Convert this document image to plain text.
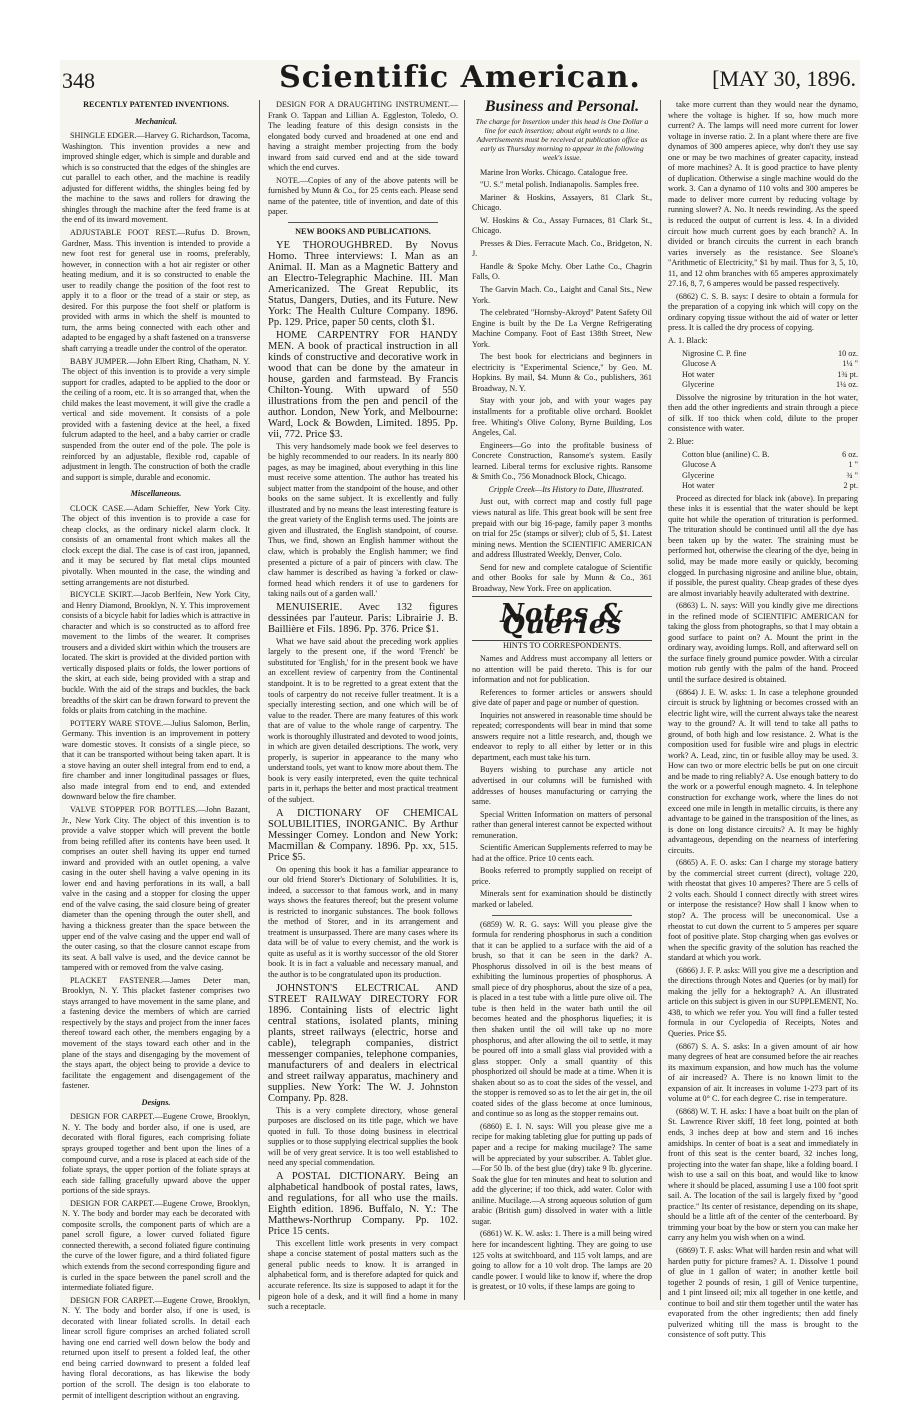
348	Scientific American.	[MAY 30, 1896.

RECENTLY PATENTED INVENTIONS.

Mechanical.

SHINGLE EDGER.—Harvey G. Richardson, Tacoma, Washington. This invention provides a new and improved shingle edger, which is simple and durable and which is so constructed that the edges of the shingles are cut parallel to each other, and the machine is readily adjusted for different widths, the shingles being fed by the machine to the saws and rollers for drawing the shingles through the machine after the feed frame is at the end of its inward movement.

ADJUSTABLE FOOT REST.—Rufus D. Brown, Gardner, Mass. This invention is intended to provide a new foot rest for general use in rooms, preferably, however, in connection with a hot air register or other heating medium, and it is so constructed to enable the user to readily change the position of the foot rest to apply it to a floor or the tread of a stair or step, as desired. For this purpose the foot shelf or platform is provided with arms in which the shelf is mounted to turn, the arms being connected with each other and adapted to be engaged by a shaft fastened on a transverse shaft carrying a treadle under the control of the operator.

BABY JUMPER.—John Elbert Ring, Chatham, N. Y. The object of this invention is to provide a very simple support for cradles, adapted to be applied to the door or the ceiling of a room, etc. It is so arranged that, when the child makes the least movement, it will give the cradle a vertical and side movement. It consists of a pole provided with a fastening device at the heel, a fixed fulcrum adapted to the heel, and a baby carrier or cradle suspended from the outer end of the pole. The pole is reinforced by an adjustable, flexible rod, capable of adjustment in length. The construction of both the cradle and support is simple, durable and economic.

Miscellaneous.

CLOCK CASE.—Adam Schieffer, New York City. The object of this invention is to provide a case for cheap clocks, as the ordinary nickel alarm clock. It consists of an ornamental front which makes all the clock except the dial. The case is of cast iron, japanned, and it may be secured by flat metal clips mounted pivotally. When mounted in the case, the winding and setting arrangements are not disturbed.

BICYCLE SKIRT.—Jacob Berlfein, New York City, and Henry Diamond, Brooklyn, N. Y. This improvement consists of a bicycle habit for ladies which is attractive in character and which is so constructed as to afford free movement to the limbs of the wearer. It comprises trousers and a divided skirt within which the trousers are located. The skirt is provided at the divided portion with vertically disposed plaits or folds, the lower portions of the skirt, at each side, being provided with a strap and buckle. With the aid of the straps and buckles, the back breadths of the skirt can be drawn forward to prevent the folds or plaits from catching in the machine.

POTTERY WARE STOVE.—Julius Salomon, Berlin, Germany. This invention is an improvement in pottery ware domestic stoves. It consists of a single piece, so that it can be transported without being taken apart. It is a stove having an outer shell integral from end to end, a fire chamber and inner longitudinal passages or flues, also made integral from end to end, and extended downward below the fire chamber.

VALVE STOPPER FOR BOTTLES.—John Bazant, Jr., New York City. The object of this invention is to provide a valve stopper which will prevent the bottle from being refilled after its contents have been used. It comprises an outer shell having its upper end turned inward and provided with an outlet opening, a valve casing in the outer shell having a valve opening in its lower end and having perforations in its wall, a ball valve in the casing and a stopper for closing the upper end of the valve casing, the said closure being of greater diameter than the opening through the outer shell, and having a thickness greater than the space between the upper end of the valve casing and the upper end wall of the outer casing, so that the closure cannot escape from its seat. A ball valve is used, and the device cannot be tampered with or removed from the valve casing.

PLACKET FASTENER.—James Deter man, Brooklyn, N. Y. This placket fastener comprises two stays arranged to have movement in the same plane, and a fastening device the members of which are carried respectively by the stays and project from the inner faces thereof toward each other, the members engaging by a movement of the stays toward each other and in the plane of the stays and disengaging by the movement of the stays apart, the object being to provide a device to facilitate the engagement and disengagement of the fastener.

Designs.

DESIGN FOR CARPET.—Eugene Crowe, Brooklyn, N. Y. The body and border also, if one is used, are decorated with floral figures, each comprising foliate sprays grouped together and bent upon the lines of a compound curve, and a rose is placed at each side of the foliate sprays, the upper portion of the foliate sprays at each side falling gracefully upward above the upper portions of the side sprays.

DESIGN FOR CARPET.—Eugene Crowe, Brooklyn, N. Y. The body and border may each be decorated with composite scrolls, the component parts of which are a panel scroll figure, a lower curved foliated figure connected therewith, a second foliated figure continuing the curve of the lower figure, and a third foliated figure which extends from the second corresponding figure and is curled in the space between the panel scroll and the intermediate foliated figure.

DESIGN FOR CARPET.—Eugene Crowe, Brooklyn, N. Y. The body and border also, if one is used, is decorated with linear foliated scrolls. In detail each linear scroll figure comprises an arched foliated scroll having one end carried well down below the body and returned upon itself to present a folded leaf, the other end being carried downward to present a folded leaf having floral decorations, as has likewise the body portion of the scroll. The design is too elaborate to permit of intelligent description without an engraving.

DESIGN FOR A DRAUGHTING INSTRUMENT.—Frank O. Tappan and Lillian A. Eggleston, Toledo, O. The leading feature of this design consists in the elongated body curved and broadened at one end and having a straight member projecting from the body inward from said curved end and at the side toward which the end curves.

NOTE.—Copies of any of the above patents will be furnished by Munn & Co., for 25 cents each. Please send name of the patentee, title of invention, and date of this paper.

NEW BOOKS AND PUBLICATIONS.

YE THOROUGHBRED. By Novus Homo. Three interviews: I. Man as an Animal. II. Man as a Magnetic Battery and an Electro-Telegraphic Machine. III. Man Americanized. The Great Republic, its Status, Dangers, Duties, and its Future. New York: The Health Culture Company. 1896. Pp. 129. Price, paper 50 cents, cloth $1.

HOME CARPENTRY FOR HANDY MEN. A book of practical instruction in all kinds of constructive and decorative work in wood that can be done by the amateur in house, garden and farmstead. By Francis Chilton-Young. With upward of 550 illustrations from the pen and pencil of the author. London, New York, and Melbourne: Ward, Lock & Bowden, Limited. 1895. Pp. vii, 772. Price $3.

This very handsomely made book we feel deserves to be highly recommended to our readers. In its nearly 800 pages, as may be imagined, about everything in this line must receive some attention. The author has treated his subject matter from the standpoint of the house, and other books on the same subject. It is excellently and fully illustrated and by no means the least interesting feature is the great variety of the English terms used. The joints are given and illustrated, the English standpoint, of course. Thus, we find, shown an English hammer without the claw, which is probably the English hammer; we find presented a picture of a pair of pincers with claw. The claw hammer is described as having 'a forked or claw-formed head which renders it of use to gardeners for taking nails out of a garden wall.'

MENUISERIE. Avec 132 figures dessinées par l'auteur. Paris: Librairie J. B. Baillière et Fils. 1896. Pp. 376. Price $1.

What we have said about the preceding work applies largely to the present one, if the word 'French' be substituted for 'English,' for in the present book we have an excellent review of carpentry from the Continental standpoint. It is to be regretted to a great extent that the tools of carpentry do not receive fuller treatment. It is a specially interesting section, and one which will be of value to the reader. There are many features of this work that are of value to the whole range of carpentry. The work is thoroughly illustrated and devoted to wood joints, in which are given detailed descriptions. The work, very properly, is superior in appearance to the many who understand tools, yet want to know more about them. The book is very easily interpreted, even the quite technical parts in it, perhaps the better and most practical treatment of the subject.

A DICTIONARY OF CHEMICAL SOLUBILITIES, INORGANIC. By Arthur Messinger Comey. London and New York: Macmillan & Company. 1896. Pp. xx, 515. Price $5.

On opening this book it has a familiar appearance to our old friend Storer's Dictionary of Solubilities. It is, indeed, a successor to that famous work, and in many ways shows the features thereof; but the present volume is restricted to inorganic substances. The book follows the method of Storer, and in its arrangement and treatment is unsurpassed. There are many cases where its data will be of value to every chemist, and the work is quite as useful as it is worthy successor of the old Storer book. It is in fact a valuable and necessary manual, and the author is to be congratulated upon its production.

JOHNSTON'S ELECTRICAL AND STREET RAILWAY DIRECTORY FOR 1896. Containing lists of electric light central stations, isolated plants, mining plants, street railways (electric, horse and cable), telegraph companies, district messenger companies, telephone companies, manufacturers of and dealers in electrical and street railway apparatus, machinery and supplies. New York: The W. J. Johnston Company. Pp. 828.

This is a very complete directory, whose general purposes are disclosed on its title page, which we have quoted in full. To those doing business in electrical supplies or to those supplying electrical supplies the book will be of very great service. It is too well established to need any special commendation.

A POSTAL DICTIONARY. Being an alphabetical handbook of postal rates, laws, and regulations, for all who use the mails. Eighth edition. 1896. Buffalo, N. Y.: The Matthews-Northrup Company. Pp. 102. Price 15 cents.

This excellent little work presents in very compact shape a concise statement of postal matters such as the general public needs to know. It is arranged in alphabetical form, and is therefore adapted for quick and accurate reference. Its size is supposed to adapt it for the pigeon hole of a desk, and it will find a home in many such a receptacle.

Business and Personal.
The charge for Insertion under this head is One Dollar a line for each insertion; about eight words to a line. Advertisements must be received at publication office as early as Thursday morning to appear in the following week's issue.

Marine Iron Works. Chicago. Catalogue free.

"U. S." metal polish. Indianapolis. Samples free.

Mariner & Hoskins, Assayers, 81 Clark St., Chicago.

W. Hoskins & Co., Assay Furnaces, 81 Clark St., Chicago.

Presses & Dies. Ferracute Mach. Co., Bridgeton, N. J.

Handle & Spoke Mchy. Ober Lathe Co., Chagrin Falls, O.

The Garvin Mach. Co., Laight and Canal Sts., New York.

The celebrated "Hornsby-Akroyd" Patent Safety Oil Engine is built by the De La Vergne Refrigerating Machine Company. Foot of East 138th Street, New York.

The best book for electricians and beginners in electricity is "Experimental Science," by Geo. M. Hopkins. By mail, $4. Munn & Co., publishers, 361 Broadway, N. Y.

Stay with your job, and with your wages pay installments for a profitable olive orchard. Booklet free. Whiting's Olive Colony, Byrne Building, Los Angeles, Cal.

Engineers—Go into the profitable business of Concrete Construction, Ransome's system. Easily learned. Liberal terms for exclusive rights. Ransome & Smith Co., 756 Monadnock Block, Chicago.

Cripple Creek—Its History to Date, Illustrated.

Just out, with correct map and costly full page views natural as life. This great book will be sent free prepaid with our big 16-page, family paper 3 months on trial for 25c (stamps or silver); club of 5, $1. Latest mining news. Mention the SCIENTIFIC AMERICAN and address Illustrated Weekly, Denver, Colo.

Send for new and complete catalogue of Scientific and other Books for sale by Munn & Co., 361 Broadway, New York. Free on application.

Notes & Queries
HINTS TO CORRESPONDENTS.

Names and Address must accompany all letters or no attention will be paid thereto. This is for our information and not for publication.

References to former articles or answers should give date of paper and page or number of question.

Inquiries not answered in reasonable time should be repeated; correspondents will bear in mind that some answers require not a little research, and, though we endeavor to reply to all either by letter or in this department, each must take his turn.

Buyers wishing to purchase any article not advertised in our columns will be furnished with addresses of houses manufacturing or carrying the same.

Special Written Information on matters of personal rather than general interest cannot be expected without remuneration.

Scientific American Supplements referred to may be had at the office. Price 10 cents each.

Books referred to promptly supplied on receipt of price.

Minerals sent for examination should be distinctly marked or labeled.

(6859) W. R. G. says: Will you please give the formula for rendering phosphorus in such a condition that it can be applied to a surface with the aid of a brush, so that it can be seen in the dark? A. Phosphorus dissolved in oil is the best means of exhibiting the luminous properties of phosphorus. A small piece of dry phosphorus, about the size of a pea, is placed in a test tube with a little pure olive oil. The tube is then held in the water bath until the oil becomes heated and the phosphorus liquefies; it is then shaken until the oil will take up no more phosphorus, and after allowing the oil to settle, it may be poured off into a small glass vial provided with a glass stopper. Only a small quantity of this phosphorized oil should be made at a time. When it is shaken about so as to coat the sides of the vessel, and the stopper is removed so as to let the air get in, the oil coated sides of the glass become at once luminous, and continue so as long as the stopper remains out.

(6860) E. I. N. says: Will you please give me a recipe for making tableting glue for putting up pads of paper and a recipe for making mucilage? The same will be appreciated by your subscriber. A. Tablet glue.—For 50 lb. of the best glue (dry) take 9 lb. glycerine. Soak the glue for ten minutes and heat to solution and add the glycerine; if too thick, add water. Color with aniline. Mucilage.—A strong aqueous solution of gum arabic (British gum) dissolved in water with a little sugar.

(6861) W. K. W. asks: 1. There is a mill being wired here for incandescent lighting. They are going to use 125 volts at switchboard, and 115 volt lamps, and are going to allow for a 10 volt drop. The lamps are 20 candle power. I would like to know if, where the drop is greatest, or 10 volts, if these lamps are going to

take more current than they would near the dynamo, where the voltage is higher. If so, how much more current? A. The lamps will need more current for lower voltage in inverse ratio. 2. In a plant where there are five dynamos of 300 amperes apiece, why don't they use say one or may be two machines of greater capacity, instead of more machines? A. It is good practice to have plenty of duplication. Otherwise a single machine would do the work. 3. Can a dynamo of 110 volts and 300 amperes be made to deliver more current by reducing voltage by running slower? A. No. It needs rewinding. As the speed is reduced the output of current is less. 4. In a divided circuit how much current goes by each branch? A. In divided or branch circuits the current in each branch varies inversely as the resistance. See Sloane's "Arithmetic of Electricity," $1 by mail. Thus for 3, 5, 10, 11, and 12 ohm branches with 65 amperes approximately 27.16, 8, 7, 6 amperes would be passed respectively.

(6862) C. S. B. says: I desire to obtain a formula for the preparation of a copying ink which will copy on the ordinary copying tissue without the aid of water or letter press. It is called the dry process of copying.

A. 1. Black:

Nigrosine C. P. fine	10 oz.
Glucose A	1¼ "
Hot water	1¾ pt.
Glycerine	1¼ oz.

Dissolve the nigrosine by trituration in the hot water, then add the other ingredients and strain through a piece of silk. If too thick when cold, dilute to the proper consistence with water.

2. Blue:

Cotton blue (aniline) C. B.	6 oz.
Glucose A	1 "
Glycerine	¾ "
Hot water	2 pt.

Proceed as directed for black ink (above). In preparing these inks it is essential that the water should be kept quite hot while the operation of trituration is performed. The trituration should be continued until all the dye has been taken up by the water. The straining must be performed hot, otherwise the clearing of the dye, being in solid, may be made more easily or quickly, becoming clogged. In purchasing nigrosine and aniline blue, obtain, if possible, the purest quality. Cheap grades of these dyes are almost invariably heavily adulterated with dextrine.

(6863) L. N. says: Will you kindly give me directions in the refined mode of SCIENTIFIC AMERICAN for taking the gloss from photographs, so that I may obtain a good surface to paint on? A. Mount the print in the ordinary way, avoiding lumps. Roll, and afterward sell on the surface finely ground pumice powder. With a circular motion rub gently with the palm of the hand. Proceed until the surface desired is obtained.

(6864) J. E. W. asks: 1. In case a telephone grounded circuit is struck by lightning or becomes crossed with an electric light wire, will the current always take the nearest way to the ground? A. It will tend to take all paths to ground, of both high and low resistance. 2. What is the composition used for fusible wire and plugs in electric work? A. Lead, zinc, tin or fusible alloy may be used. 3. How can two or more electric bells be put on one circuit and be made to ring reliably? A. Use enough battery to do the work or a powerful enough magneto. 4. In telephone construction for exchange work, where the lines do not exceed one mile in length in metallic circuits, is there any advantage to be gained in the transposition of the lines, as is done on long distance circuits? A. It may be highly advantageous, depending on the nearness of interfering circuits.

(6865) A. F. O. asks: Can I charge my storage battery by the commercial street current (direct), voltage 220, with rheostat that gives 10 amperes? There are 5 cells of 2 volts each. Should I connect directly with street wires or interpose the resistance? How shall I know when to stop? A. The process will be uneconomical. Use a rheostat to cut down the current to 5 amperes per square foot of positive plate. Stop charging when gas evolves or when the specific gravity of the solution has reached the standard at which you work.

(6866) J. F. P. asks: Will you give me a description and the directions through Notes and Queries (or by mail) for making the jelly for a hektograph? A. An illustrated article on this subject is given in our SUPPLEMENT, No. 438, to which we refer you. You will find a fuller tested formula in our Cyclopedia of Receipts, Notes and Queries. Price $5.

(6867) S. A. S. asks: In a given amount of air how many degrees of heat are consumed before the air reaches its maximum expansion, and how much has the volume of air increased? A. There is no known limit to the expansion of air. It increases in volume 1-273 part of its volume at 0° C. for each degree C. rise in temperature.

(6868) W. T. H. asks: I have a boat built on the plan of St. Lawrence River skiff, 18 feet long, pointed at both ends, 3 inches deep at bow and stern and 16 inches amidships. In center of boat is a seat and immediately in front of this seat is the center board, 32 inches long, projecting into the water fan shape, like a folding board. I wish to use a sail on this boat, and would like to know where it should be placed, assuming I use a 100 foot sprit sail. A. The location of the sail is largely fixed by "good practice." Its center of resistance, depending on its shape, should be a little aft of the center of the centerboard. By trimming your boat by the bow or stern you can make her carry any helm you wish when on a wind.

(6869) T. F. asks: What will harden resin and what will harden putty for picture frames? A. 1. Dissolve 1 pound of glue in 1 gallon of water; in another kettle boil together 2 pounds of resin, 1 gill of Venice turpentine, and 1 pint linseed oil; mix all together in one kettle, and continue to boil and stir them together until the water has evaporated from the other ingredients; then add finely pulverized whiting till the mass is brought to the consistence of soft putty. This
